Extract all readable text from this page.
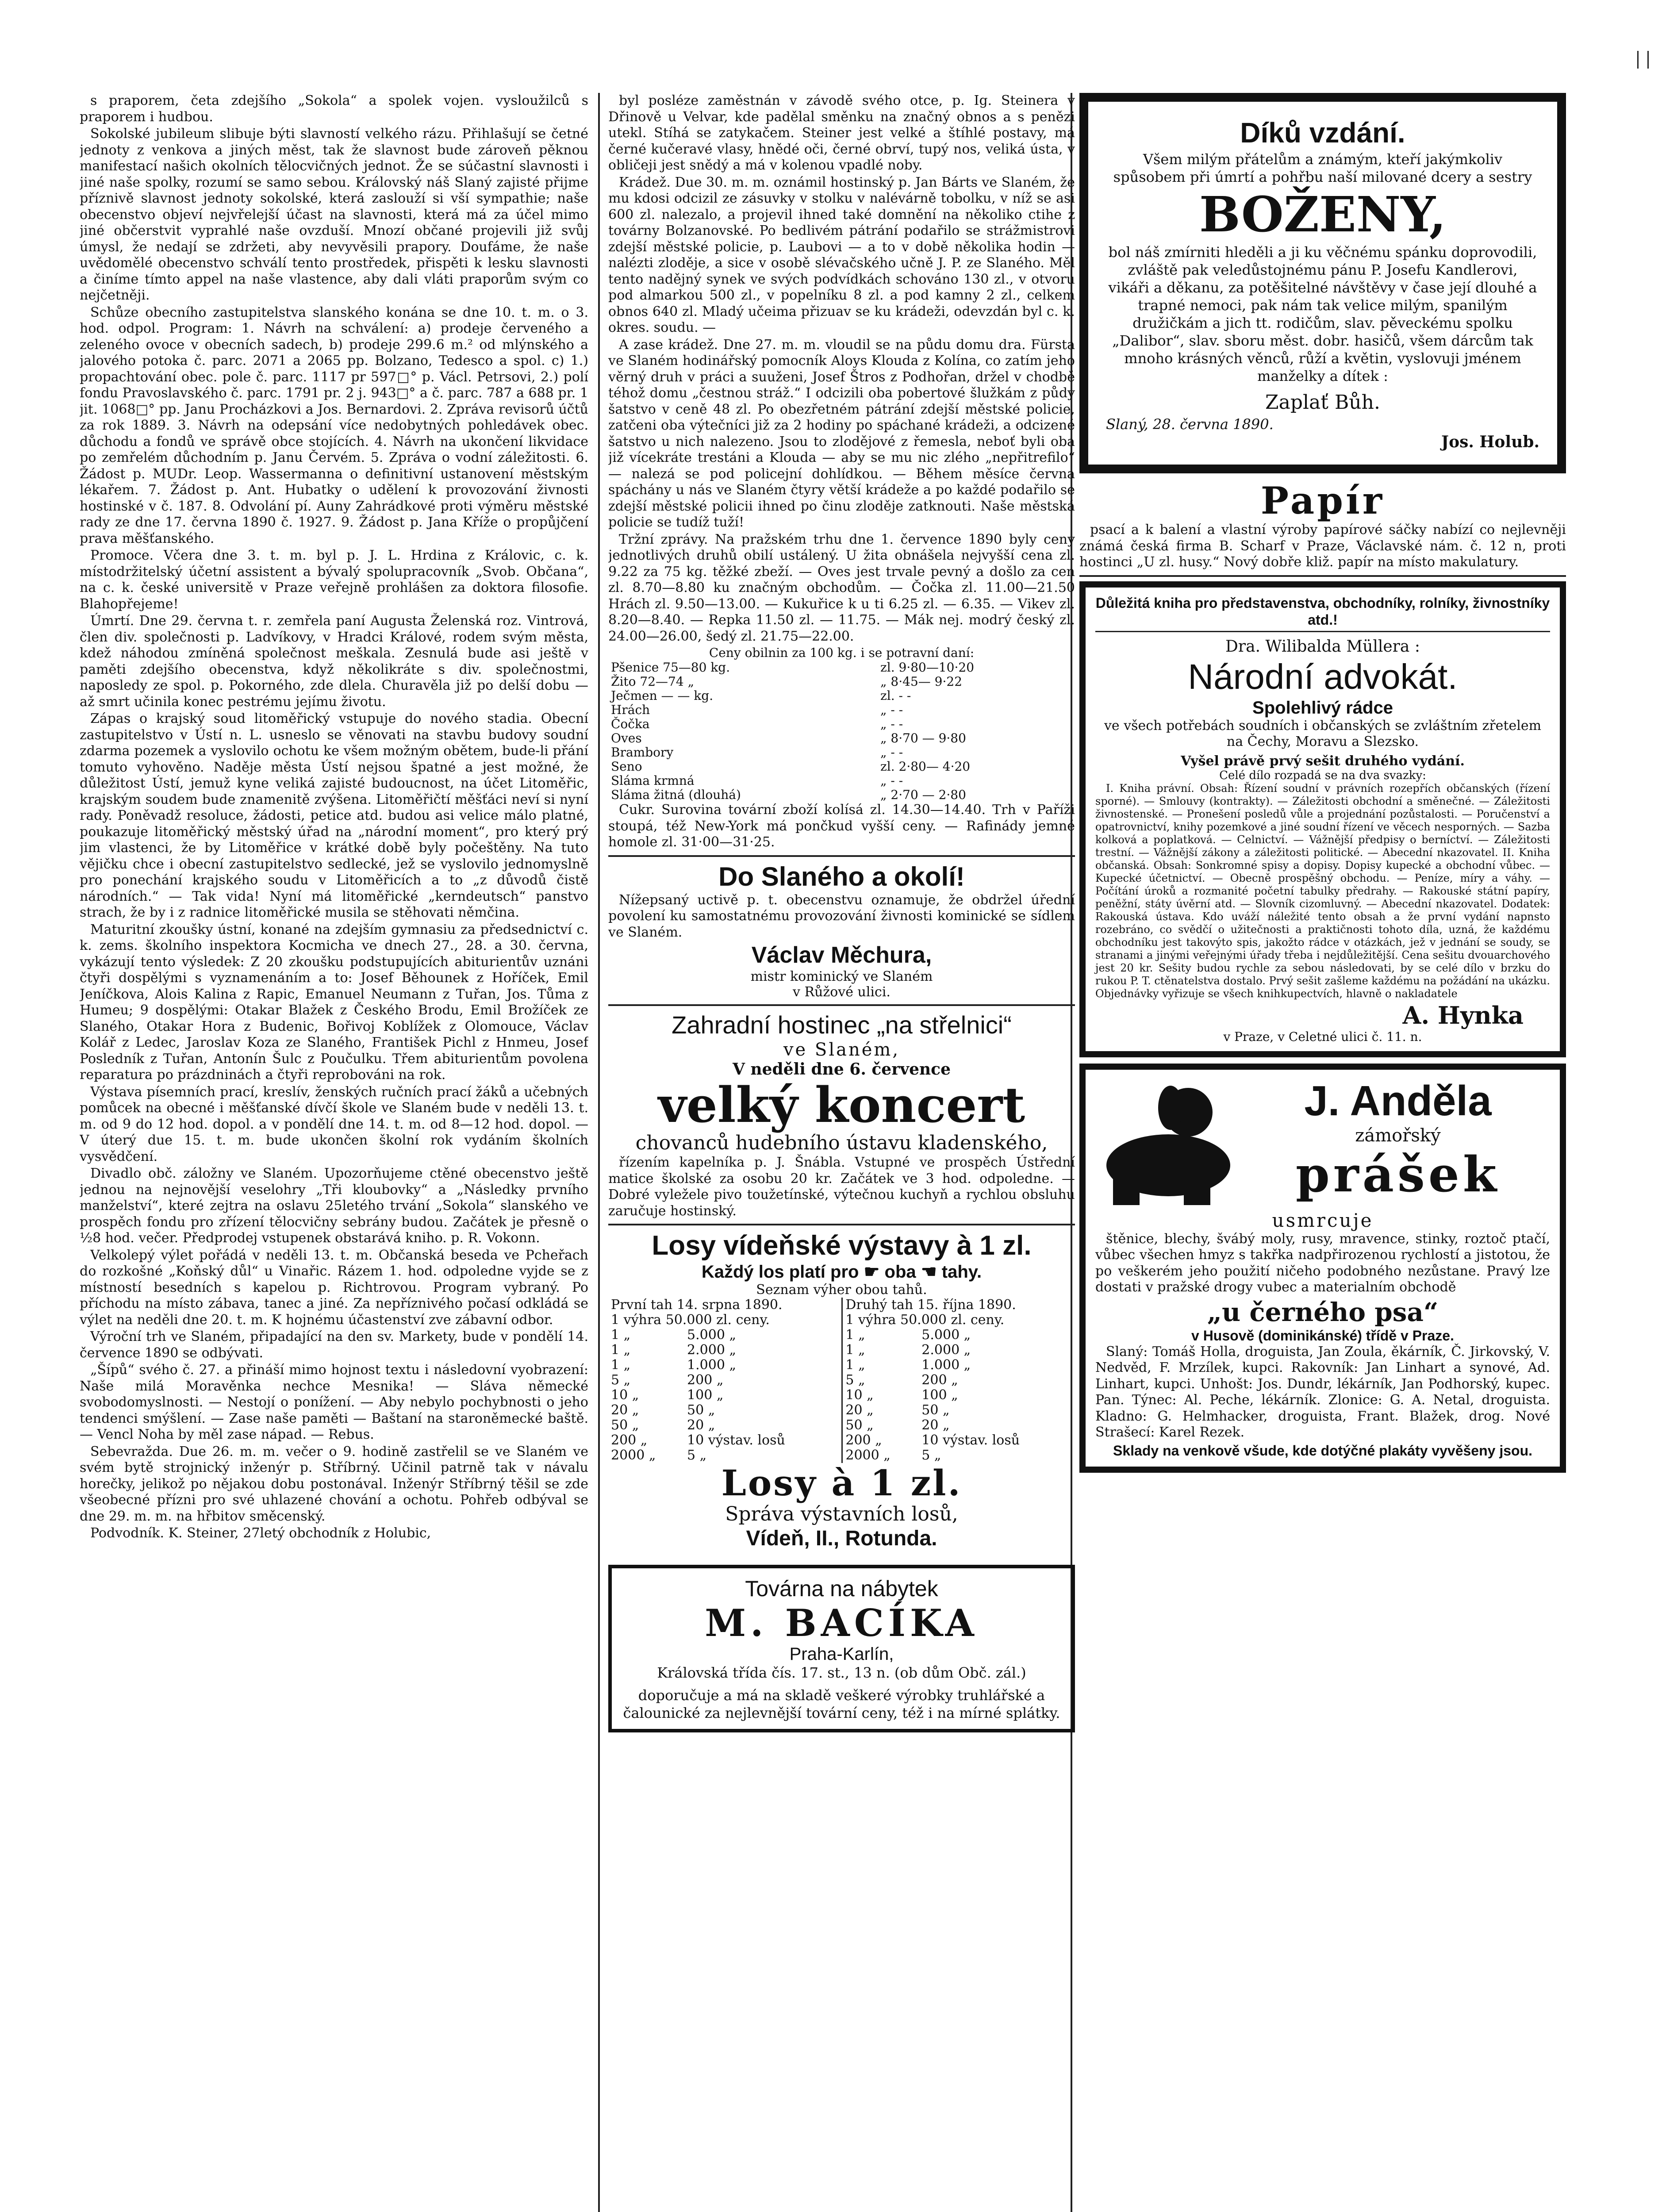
s praporem, četa zdejšího „Sokola“ a spolek vojen. vysloužilců s praporem i hudbou.

Sokolské jubileum slibuje býti slavností velkého rázu. Přihlašují se četné jednoty z venkova a jiných měst, tak že slavnost bude zároveň pěknou manifestací našich okolních tělocvičných jednot. Že se súčastní slavnosti i jiné naše spolky, rozumí se samo sebou. Královský náš Slaný zajisté přijme příznivě slavnost jednoty sokolské, která zaslouží si vší sympathie; naše obecenstvo objeví nejvřelejší účast na slavnosti, která má za účel mimo jiné občerstvit vyprahlé naše ovzduší. Mnozí občané projevili již svůj úmysl, že nedají se zdržeti, aby nevyvěsili prapory. Doufáme, že naše uvědomělé obecenstvo schválí tento prostředek, přispěti k lesku slavnosti a činíme tímto appel na naše vlastence, aby dali vláti praporům svým co nejčetněji.

Schůze obecního zastupitelstva slanského konána se dne 10. t. m. o 3. hod. odpol. Program: 1. Návrh na schválení: a) prodeje červeného a zeleného ovoce v obecních sadech, b) prodeje 299.6 m.² od mlýnského a jalového potoka č. parc. 2071 a 2065 pp. Bolzano, Tedesco a spol. c) 1.) propachtování obec. pole č. parc. 1117 pr 597□° p. Václ. Petrsovi, 2.) polí fondu Pravoslavského č. parc. 1791 pr. 2 j. 943□° a č. parc. 787 a 688 pr. 1 jit. 1068□° pp. Janu Procházkovi a Jos. Bernardovi. 2. Zpráva revisorů účtů za rok 1889. 3. Návrh na odepsání více nedobytných pohledávek obec. důchodu a fondů ve správě obce stojících. 4. Návrh na ukončení likvidace po zemřelém důchodním p. Janu Červém. 5. Zpráva o vodní záležitosti. 6. Žádost p. MUDr. Leop. Wassermanna o definitivní ustanovení městským lékařem. 7. Žádost p. Ant. Hubatky o udělení k provozování živnosti hostinské v č. 187. 8. Odvolání pí. Auny Zahrádkové proti výměru městské rady ze dne 17. června 1890 č. 1927. 9. Žádost p. Jana Kříže o propůjčení prava měšťanského.

Promoce. Včera dne 3. t. m. byl p. J. L. Hrdina z Královic, c. k. místodržitelský účetní assistent a bývalý spolupracovník „Svob. Občana“, na c. k. české universitě v Praze veřejně prohlášen za doktora filosofie. Blahopřejeme!

Úmrtí. Dne 29. června t. r. zemřela paní Augusta Želenská roz. Vintrová, člen div. společnosti p. Ladvíkovy, v Hradci Králové, rodem svým města, kdež náhodou zmíněná společnost meškala. Zesnulá bude asi ještě v paměti zdejšího obecenstva, když několikráte s div. společnostmi, naposledy ze spol. p. Pokorného, zde dlela. Churavěla již po delší dobu — až smrt učinila konec pestrému jejímu životu.

Zápas o krajský soud litoměřický vstupuje do nového stadia. Obecní zastupitelstvo v Ústí n. L. usneslo se věnovati na stavbu budovy soudní zdarma pozemek a vyslovilo ochotu ke všem možným obětem, bude-li přání tomuto vyhověno. Naděje města Ústí nejsou špatné a jest možné, že důležitost Ústí, jemuž kyne veliká zajisté budoucnost, na účet Litoměřic, krajským soudem bude znamenitě zvýšena. Litoměřičtí měšťáci neví si nyní rady. Poněvadž resoluce, žádosti, petice atd. budou asi velice málo platné, poukazuje litoměřický městský úřad na „národní moment“, pro který prý jim vlastenci, že by Litoměřice v krátké době byly počeštěny. Na tuto vějičku chce i obecní zastupitelstvo sedlecké, jež se vyslovilo jednomyslně pro ponechání krajského soudu v Litoměřicích a to „z důvodů čistě národních.“ — Tak vida! Nyní má litoměřické „kerndeutsch“ panstvo strach, že by i z radnice litoměřické musila se stěhovati němčina.

Maturitní zkoušky ústní, konané na zdejším gymnasiu za předsednictví c. k. zems. školního inspektora Kocmicha ve dnech 27., 28. a 30. června, vykázují tento výsledek: Z 20 zkoušku podstupujících abiturientův uznáni čtyři dospělými s vyznamenáním a to: Josef Běhounek z Hoříček, Emil Jeníčkova, Alois Kalina z Rapic, Emanuel Neumann z Tuřan, Jos. Tůma z Humeu; 9 dospělými: Otakar Blažek z Českého Brodu, Emil Brožíček ze Slaného, Otakar Hora z Budenic, Bořivoj Koblížek z Olomouce, Václav Kolář z Ledec, Jaroslav Koza ze Slaného, František Pichl z Hnmeu, Josef Posledník z Tuřan, Antonín Šulc z Poučulku. Třem abiturientům povolena reparatura po prázdninách a čtyři reprobováni na rok.

Výstava písemních prací, kreslív, ženských ručních prací žáků a učebných pomůcek na obecné i měšťanské dívčí škole ve Slaném bude v neděli 13. t. m. od 9 do 12 hod. dopol. a v pondělí dne 14. t. m. od 8—12 hod. dopol. — V úterý due 15. t. m. bude ukončen školní rok vydáním školních vysvědčení.

Divadlo obč. záložny ve Slaném. Upozorňujeme ctěné obecenstvo ještě jednou na nejnovější veselohry „Tři kloubovky“ a „Následky prvního manželství“, které zejtra na oslavu 25letého trvání „Sokola“ slanského ve prospěch fondu pro zřízení tělocvičny sebrány budou. Začátek je přesně o ½8 hod. večer. Předprodej vstupenek obstarává kniho. p. R. Vokonn.

Velkolepý výlet pořádá v neděli 13. t. m. Občanská beseda ve Pcheřach do rozkošné „Koňský důl“ u Vinařic. Rázem 1. hod. odpoledne vyjde se z místností besedních s kapelou p. Richtrovou. Program vybraný. Po příchodu na místo zábava, tanec a jiné. Za nepříznivého počasí odkládá se výlet na neděli dne 20. t. m. K hojnému účastenství zve zábavní odbor.

Výroční trh ve Slaném, připadající na den sv. Markety, bude v pondělí 14. července 1890 se odbývati.

„Šípů“ svého č. 27. a přináší mimo hojnost textu i následovní vyobrazení: Naše milá Moravěnka nechce Mesnika! — Sláva německé svobodomyslnosti. — Nestojí o ponížení. — Aby nebylo pochybnosti o jeho tendenci smýšlení. — Zase naše paměti — Baštaní na staroněmecké baště. — Vencl Noha by měl zase nápad. — Rebus.

Sebevražda. Due 26. m. m. večer o 9. hodině zastřelil se ve Slaném ve svém bytě strojnický inženýr p. Stříbrný. Učinil patrně tak v návalu horečky, jelikož po nějakou dobu postonával. Inženýr Stříbrný těšil se zde všeobecné přízni pro své uhlazené chování a ochotu. Pohřeb odbýval se dne 29. m. m. na hřbitov směcenský.

Podvodník. K. Steiner, 27letý obchodník z Holubic,

byl posléze zaměstnán v závodě svého otce, p. Ig. Steinera v Dřinově u Velvar, kde padělal směnku na značný obnos a s penězi utekl. Stíhá se zatykačem. Steiner jest velké a štíhlé postavy, má černé kučeravé vlasy, hnědé oči, černé obrví, tupý nos, veliká ústa, v obličeji jest snědý a má v kolenou vpadlé noby.

Krádež. Due 30. m. m. oznámil hostinský p. Jan Bárts ve Slaném, že mu kdosi odcizil ze zásuvky v stolku v nalévárně tobolku, v níž se asi 600 zl. nalezalo, a projevil ihned také domnění na několiko ctihe z továrny Bolzanovské. Po bedlivém pátrání podařilo se strážmistrovi zdejší městské policie, p. Laubovi — a to v době několika hodin — nalézti zloděje, a sice v osobě slévačského učně J. P. ze Slaného. Měl tento nadějný synek ve svých podvídkách schováno 130 zl., v otvoru pod almarkou 500 zl., v popelníku 8 zl. a pod kamny 2 zl., celkem obnos 640 zl. Mladý učeima přizuav se ku krádeži, odevzdán byl c. k. okres. soudu. —

A zase krádež. Dne 27. m. m. vloudil se na půdu domu dra. Fürsta ve Slaném hodinářský pomocník Aloys Klouda z Kolína, co zatím jeho věrný druh v práci a suuženi, Josef Štros z Podhořan, držel v chodbě téhož domu „čestnou stráž.“ I odcizili oba pobertové šlužkám z půdy šatstvo v ceně 48 zl. Po obezřetném pátrání zdejší městské policie, zatčeni oba výtečníci již za 2 hodiny po spáchané krádeži, a odcizené šatstvo u nich nalezeno. Jsou to zlodějové z řemesla, neboť byli oba již vícekráte trestáni a Klouda — aby se mu nic zlého „nepřitrefilo“ — nalezá se pod policejní dohlídkou. — Během měsíce června spáchány u nás ve Slaném čtyry větší krádeže a po každé podařilo se zdejší městské policii ihned po činu zloděje zatknouti. Naše městská policie se tudíž tuží!

Tržní zprávy. Na pražském trhu dne 1. července 1890 byly ceny jednotlivých druhů obilí ustálený. U žita obnášela nejvyšší cena zl. 9.22 za 75 kg. těžké zbeží. — Oves jest trvale pevný a došlo za cen zl. 8.70—8.80 ku značným obchodům. — Čočka zl. 11.00—21.50 Hrách zl. 9.50—13.00. — Kukuřice k u ti 6.25 zl. — 6.35. — Vikev zl. 8.20—8.40. — Repka 11.50 zl. — 11.75. — Mák nej. modrý český zl. 24.00—26.00, šedý zl. 21.75—22.00.

Ceny obilnin za 100 kg. i se potravní daní:
Pšenice 75—80 kg.	zl. 9·80—10·20
Žito 72—74 „	„ 8·45— 9·22
Ječmen — — kg.	zl. - -
Hrách	„ - -
Čočka	„ - -
Oves	„ 8·70 — 9·80
Brambory	„ - -
Seno	zl. 2·80— 4·20
Sláma krmná	„ - -
Sláma žitná (dlouhá)	„ 2·70 — 2·80

Cukr. Surovina tovární zboží kolísá zl. 14.30—14.40. Trh v Paříži stoupá, též New-York má pončkud vyšší ceny. — Rafinády jemné homole zl. 31·00—31·25.

Do Slaného a okolí!

Nížepsaný uctivě p. t. obecenstvu oznamuje, že obdržel úřední povolení ku samostatnému provozování živnosti kominické se sídlem ve Slaném.

Václav Měchura,
mistr kominický ve Slaném
v Růžové ulici.
Zahradní hostinec „na střelnici“
ve Slaném,
V neděli dne 6. července
velký koncert
chovanců hudebního ústavu kladenského,

řízením kapelníka p. J. Šnábla. Vstupné ve prospěch Ústřední matice školské za osobu 20 kr. Začátek ve 3 hod. odpoledne. — Dobré vyležele pivo toužetínské, výtečnou kuchyň a rychlou obsluhu zaručuje hostinský.

Losy vídeňské výstavy à 1 zl.
Každý los platí pro ☛ oba ☚ tahy.
Seznam výher obou tahů.
První tah 14. srpna 1890.		Druhý tah 15. října 1890.	
1 výhra 50.000 zl. ceny.		1 výhra 50.000 zl. ceny.	
1 „	5.000 „	1 „	5.000 „
1 „	2.000 „	1 „	2.000 „
1 „	1.000 „	1 „	1.000 „
5 „	200 „	5 „	200 „
10 „	100 „	10 „	100 „
20 „	50 „	20 „	50 „
50 „	20 „	50 „	20 „
200 „	10 výstav. losů	200 „	10 výstav. losů
2000 „	5 „	2000 „	5 „
Losy à 1 zl.
Správa výstavních losů,
Vídeň, II., Rotunda.
Továrna na nábytek
M. BACÍKA
Praha-Karlín,
Královská třída čís. 17. st., 13 n. (ob dům Obč. zál.)
doporučuje a má na skladě veškeré výrobky truhlářské a čalounické za nejlevnější tovární ceny, též i na mírné splátky.
Díků vzdání.
Všem milým přátelům a známým, kteří jakýmkoliv spůsobem při úmrtí a pohřbu naší milované dcery a sestry
BOŽENY,
bol náš zmírniti hleděli a ji ku věčnému spánku doprovodili, zvláště pak veledůstojnému pánu P. Josefu Kandlerovi, vikáři a děkanu, za potěšitelné návštěvy v čase její dlouhé a trapné nemoci, pak nám tak velice milým, spanilým družičkám a jich tt. rodičům, slav. pěveckému spolku „Dalibor“, slav. sboru měst. dobr. hasičů, všem dárcům tak mnoho krásných věnců, růží a květin, vyslovuji jménem manželky a dítek :
Zaplať Bůh.
Slaný, 28. června 1890.
Jos. Holub.
Papír

psací a k balení a vlastní výroby papírové sáčky nabízí co nejlevněji známá česká firma B. Scharf v Praze, Václavské nám. č. 12 n, proti hostinci „U zl. husy.“ Nový dobře kliž. papír na místo makulatury.

Důležitá kniha pro představenstva, obchodníky, rolníky, živnostníky atd.!
Dra. Wilibalda Müllera :
Národní advokát.
Spolehlivý rádce
ve všech potřebách soudních i občanských se zvláštním zřetelem na Čechy, Moravu a Slezsko.
Vyšel právě prvý sešit druhého vydání.
Celé dílo rozpadá se na dva svazky:

I. Kniha právní. Obsah: Řízení soudní v právních rozepřích občanských (řízení sporné). — Smlouvy (kontrakty). — Záležitosti obchodní a směnečné. — Záležitosti živnostenské. — Pronešení posledů vůle a projednání pozůstalosti. — Poručenství a opatrovnictví, knihy pozemkové a jiné soudní řízení ve věcech nesporných. — Sazba kolková a poplatková. — Celnictví. — Vážnější předpisy o berníctví. — Záležitosti trestní. — Vážnější zákony a záležitosti politické. — Abecední nkazovatel. II. Kniha občanská. Obsah: Sonkromné spisy a dopisy. Dopisy kupecké a obchodní vůbec. — Kupecké účetnictví. — Obecně prospěšný obchodu. — Peníze, míry a váhy. — Počítání úroků a rozmanité početní tabulky předrahy. — Rakouské státní papíry, peněžní, státy úvěrní atd. — Slovník cizomluvný. — Abecední nkazovatel. Dodatek: Rakouská ústava. Kdo uváží náležité tento obsah a že první vydání napnsto rozebráno, co svědčí o užitečnosti a praktičnosti tohoto díla, uzná, že každému obchodníku jest takovýto spis, jakožto rádce v otázkách, jež v jednání se soudy, se stranami a jinými veřejnými úřady třeba i nejdůležitější. Cena sešitu dvouarchového jest 20 kr. Sešity budou rychle za sebou následovati, by se celé dílo v brzku do rukou P. T. ctěnatelstva dostalo. Prvý sešit zašleme každému na požádání na ukázku. Objednávky vyřizuje se všech knihkupectvích, hlavně o nakladatele

A. Hynka
v Praze, v Celetné ulici č. 11. n.
J. Anděla
zámořský
prášek
usmrcuje

štěnice, blechy, švábý moly, rusy, mravence, stinky, roztoč ptačí, vůbec všechen hmyz s takřka nadpřirozenou rychlostí a jistotou, že po veškerém jeho použití ničeho podobného nezůstane. Pravý lze dostati v pražské drogy vubec a materialním obchodě

„u černého psa“
v Husově (dominikánské) třídě v Praze.

Slaný: Tomáš Holla, droguista, Jan Zoula, ěkárník, Č. Jirkovský, V. Nedvěd, F. Mrzílek, kupci. Rakovník: Jan Linhart a synové, Ad. Linhart, kupci. Unhošt: Jos. Dundr, lékárník, Jan Podhorský, kupec. Pan. Týnec: Al. Peche, lékárník. Zlonice: G. A. Netal, droguista. Kladno: G. Helmhacker, droguista, Frant. Blažek, drog. Nové Strašecí: Karel Rezek.

Sklady na venkově všude, kde dotýčné plakáty vyvěšeny jsou.
